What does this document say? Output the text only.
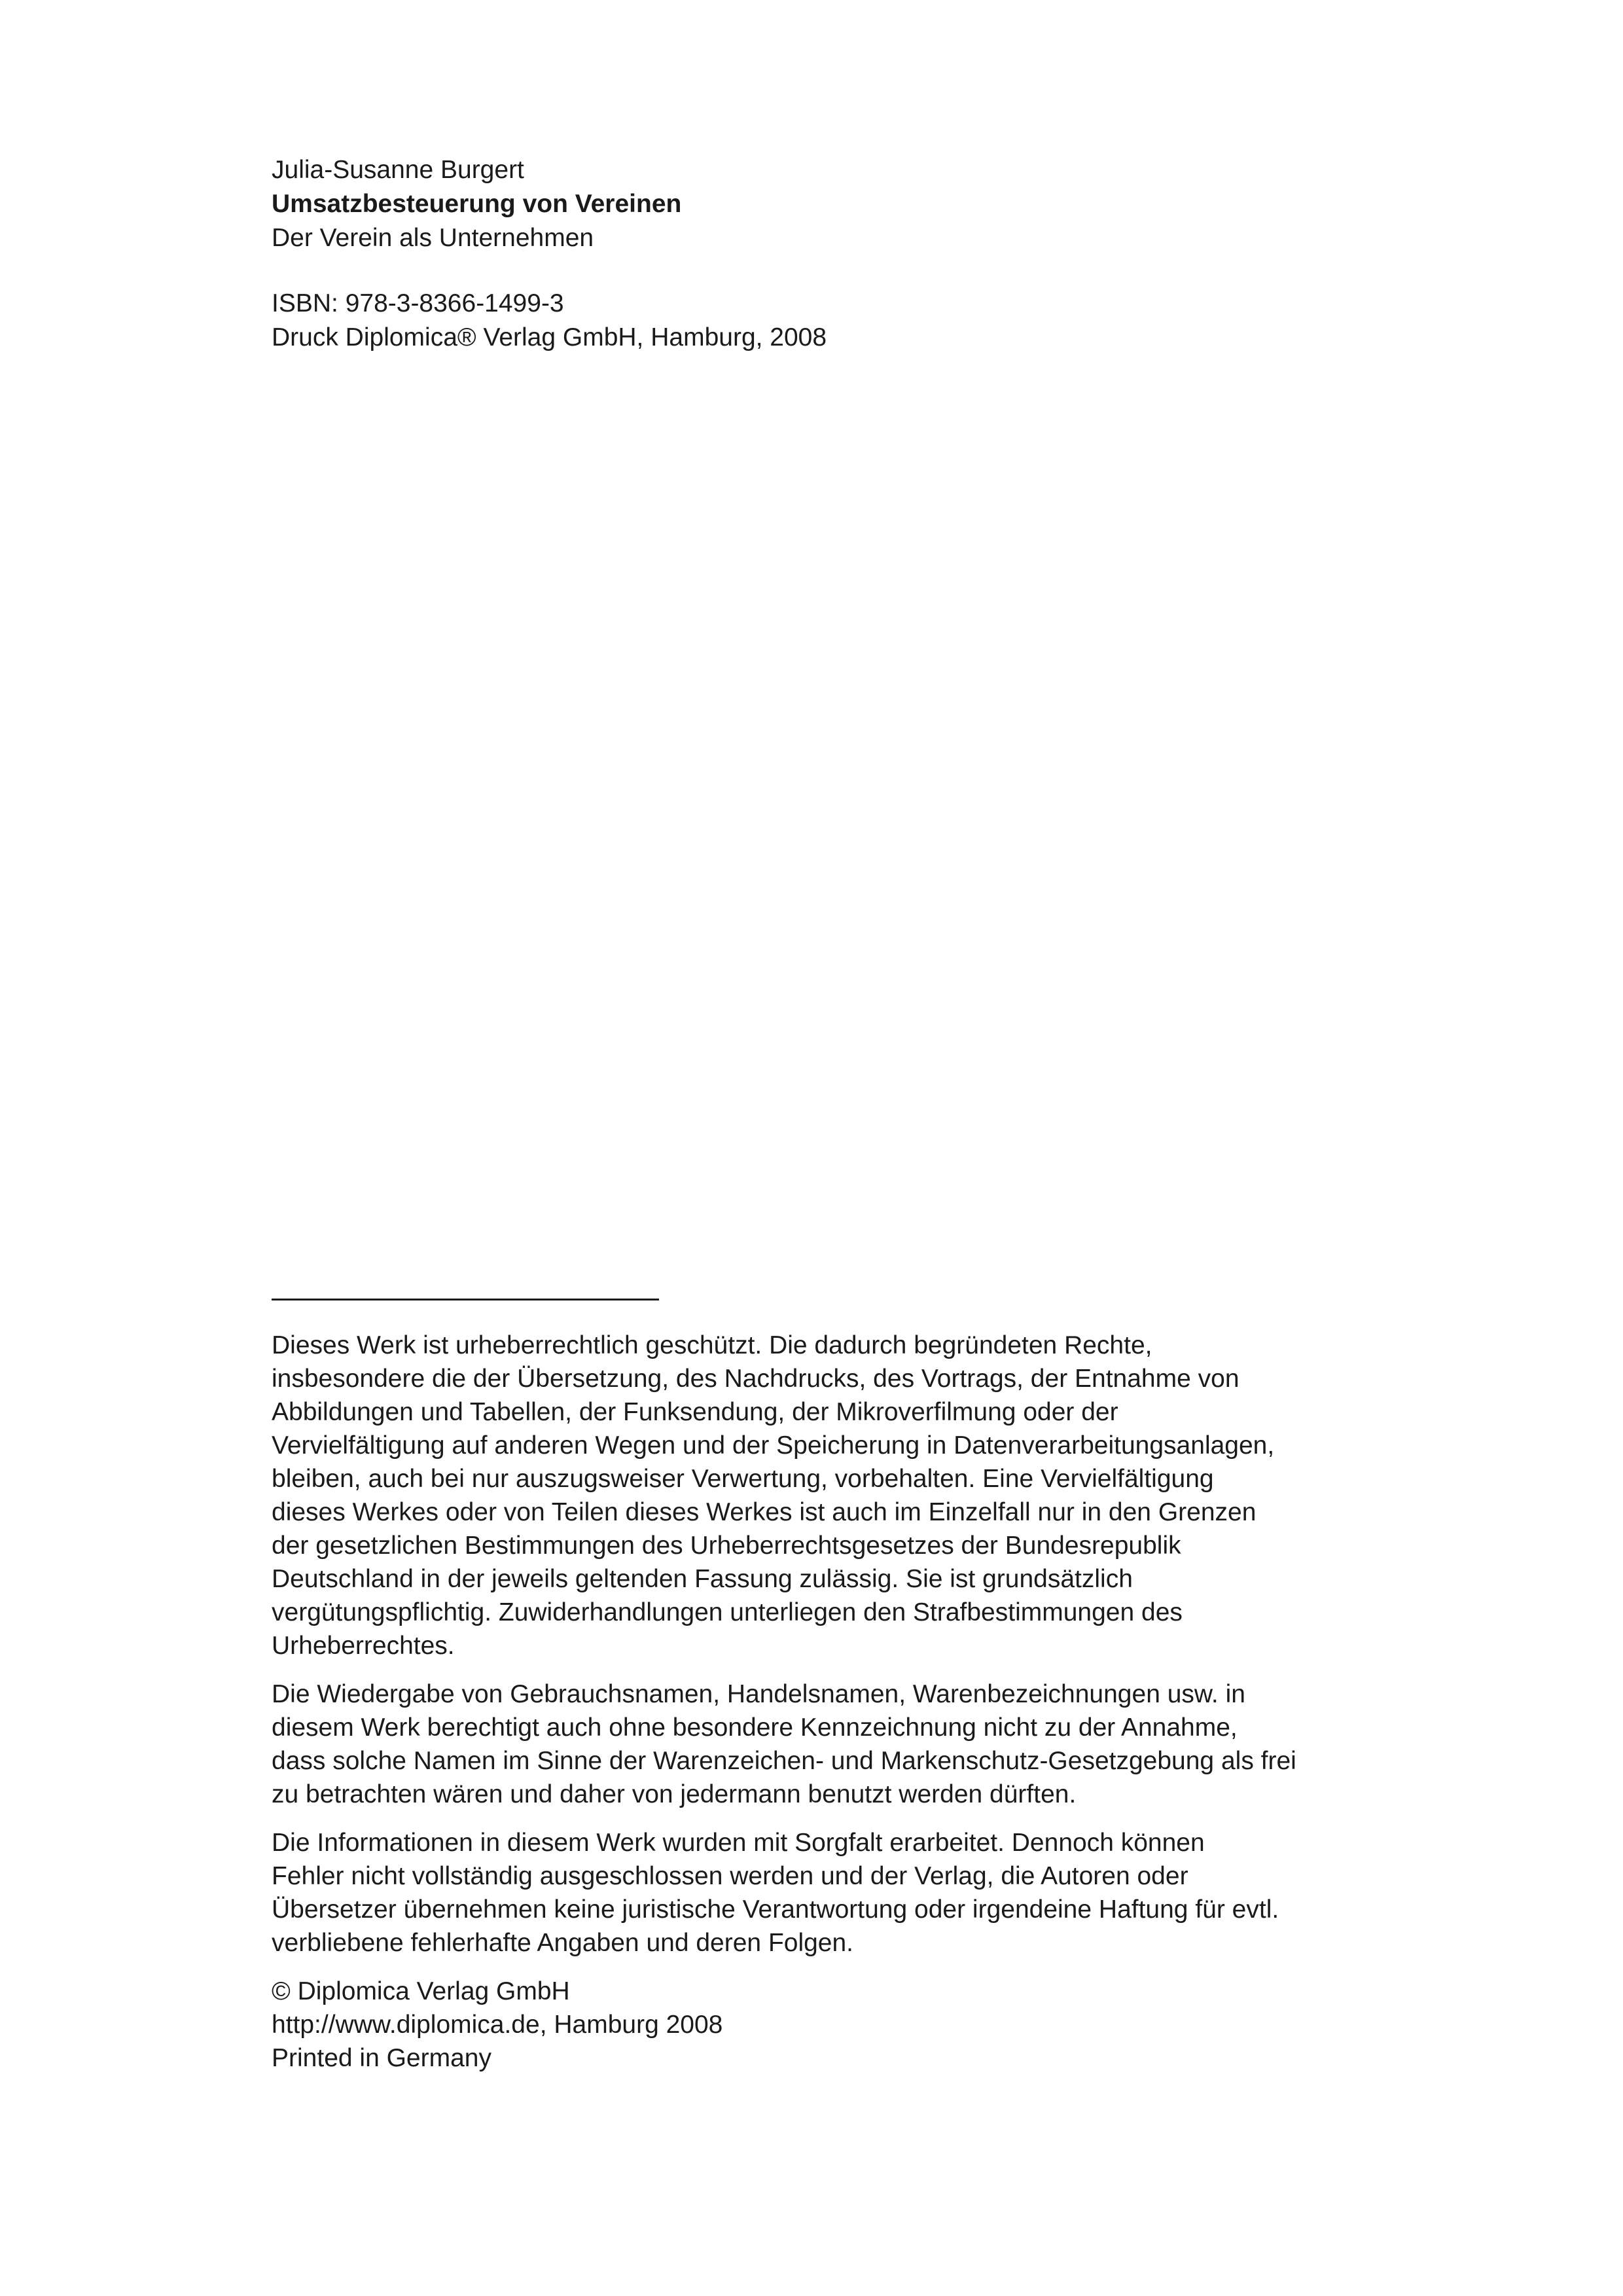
Julia-Susanne Burgert
Umsatzbesteuerung von Vereinen
Der Verein als Unternehmen
ISBN: 978-3-8366-1499-3
Druck Diplomica® Verlag GmbH, Hamburg, 2008

Dieses Werk ist urheberrechtlich geschützt. Die dadurch begründeten Rechte,
insbesondere die der Übersetzung, des Nachdrucks, des Vortrags, der Entnahme von
Abbildungen und Tabellen, der Funksendung, der Mikroverfilmung oder der
Vervielfältigung auf anderen Wegen und der Speicherung in Datenverarbeitungsanlagen,
bleiben, auch bei nur auszugsweiser Verwertung, vorbehalten. Eine Vervielfältigung
dieses Werkes oder von Teilen dieses Werkes ist auch im Einzelfall nur in den Grenzen
der gesetzlichen Bestimmungen des Urheberrechtsgesetzes der Bundesrepublik
Deutschland in der jeweils geltenden Fassung zulässig. Sie ist grundsätzlich
vergütungspflichtig. Zuwiderhandlungen unterliegen den Strafbestimmungen des
Urheberrechtes.

Die Wiedergabe von Gebrauchsnamen, Handelsnamen, Warenbezeichnungen usw. in
diesem Werk berechtigt auch ohne besondere Kennzeichnung nicht zu der Annahme,
dass solche Namen im Sinne der Warenzeichen- und Markenschutz-Gesetzgebung als frei
zu betrachten wären und daher von jedermann benutzt werden dürften.

Die Informationen in diesem Werk wurden mit Sorgfalt erarbeitet. Dennoch können
Fehler nicht vollständig ausgeschlossen werden und der Verlag, die Autoren oder
Übersetzer übernehmen keine juristische Verantwortung oder irgendeine Haftung für evtl.
verbliebene fehlerhafte Angaben und deren Folgen.

© Diplomica Verlag GmbH
http://www.diplomica.de, Hamburg 2008
Printed in Germany
